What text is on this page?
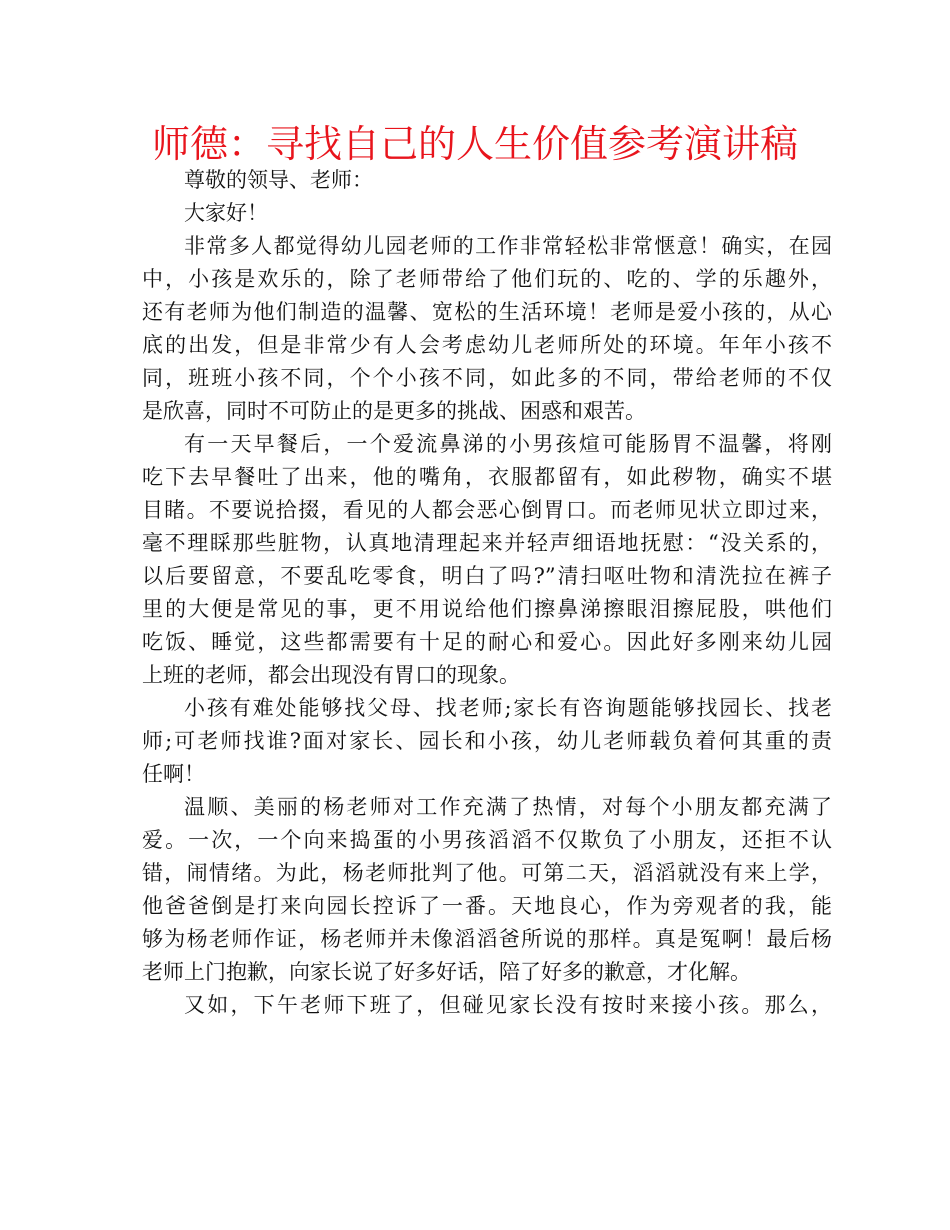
师德：寻找自己的人生价值参考演讲稿
尊敬的领导、老师：
大家好！
非常多人都觉得幼儿园老师的工作非常轻松非常惬意！确实，在园
中，小孩是欢乐的，除了老师带给了他们玩的、吃的、学的乐趣外，
还有老师为他们制造的温馨、宽松的生活环境！老师是爱小孩的，从心
底的出发，但是非常少有人会考虑幼儿老师所处的环境。年年小孩不
同，班班小孩不同，个个小孩不同，如此多的不同，带给老师的不仅
是欣喜，同时不可防止的是更多的挑战、困惑和艰苦。
有一天早餐后，一个爱流鼻涕的小男孩煊可能肠胃不温馨，将刚
吃下去早餐吐了出来，他的嘴角，衣服都留有，如此秽物，确实不堪
目睹。不要说拾掇，看见的人都会恶心倒胃口。而老师见状立即过来，
毫不理睬那些脏物，认真地清理起来并轻声细语地抚慰：“没关系的，
以后要留意，不要乱吃零食，明白了吗?”清扫呕吐物和清洗拉在裤子
里的大便是常见的事，更不用说给他们擦鼻涕擦眼泪擦屁股，哄他们
吃饭、睡觉，这些都需要有十足的耐心和爱心。因此好多刚来幼儿园
上班的老师，都会出现没有胃口的现象。
小孩有难处能够找父母、找老师;家长有咨询题能够找园长、找老
师;可老师找谁?面对家长、园长和小孩，幼儿老师载负着何其重的责
任啊！
温顺、美丽的杨老师对工作充满了热情，对每个小朋友都充满了
爱。一次，一个向来捣蛋的小男孩滔滔不仅欺负了小朋友，还拒不认
错，闹情绪。为此，杨老师批判了他。可第二天，滔滔就没有来上学，
他爸爸倒是打来向园长控诉了一番。天地良心，作为旁观者的我，能
够为杨老师作证，杨老师并未像滔滔爸所说的那样。真是冤啊！最后杨
老师上门抱歉，向家长说了好多好话，陪了好多的歉意，才化解。
又如，下午老师下班了，但碰见家长没有按时来接小孩。那么，
